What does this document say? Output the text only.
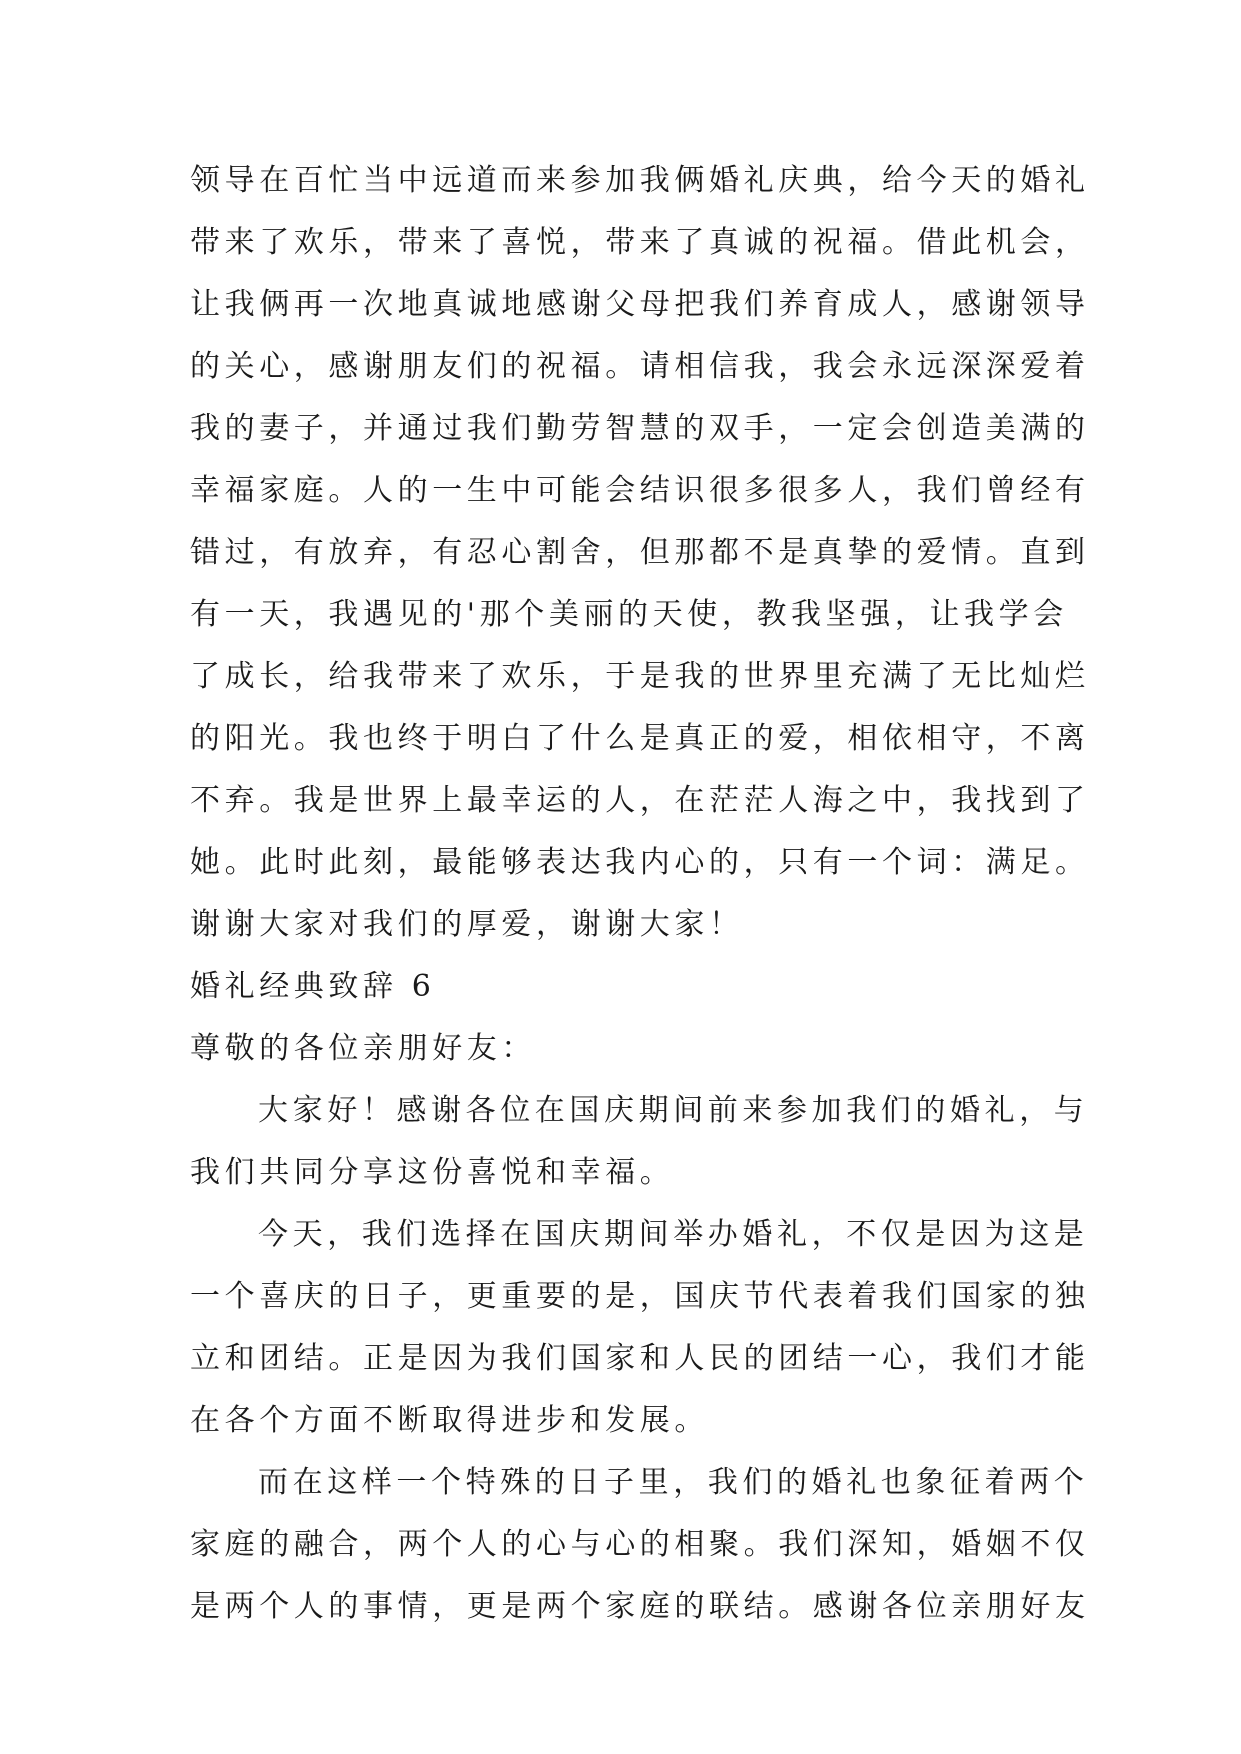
领导在百忙当中远道而来参加我俩婚礼庆典，给今天的婚礼
带来了欢乐，带来了喜悦，带来了真诚的祝福。借此机会，
让我俩再一次地真诚地感谢父母把我们养育成人，感谢领导
的关心，感谢朋友们的祝福。请相信我，我会永远深深爱着
我的妻子，并通过我们勤劳智慧的双手，一定会创造美满的
幸福家庭。人的一生中可能会结识很多很多人，我们曾经有
错过，有放弃，有忍心割舍，但那都不是真挚的爱情。直到
有一天，我遇见的'那个美丽的天使，教我坚强，让我学会
了成长，给我带来了欢乐，于是我的世界里充满了无比灿烂
的阳光。我也终于明白了什么是真正的爱，相依相守，不离
不弃。我是世界上最幸运的人，在茫茫人海之中，我找到了
她。此时此刻，最能够表达我内心的，只有一个词：满足。
谢谢大家对我们的厚爱，谢谢大家！
婚礼经典致辞 6
尊敬的各位亲朋好友：
大家好！感谢各位在国庆期间前来参加我们的婚礼，与
我们共同分享这份喜悦和幸福。
今天，我们选择在国庆期间举办婚礼，不仅是因为这是
一个喜庆的日子，更重要的是，国庆节代表着我们国家的独
立和团结。正是因为我们国家和人民的团结一心，我们才能
在各个方面不断取得进步和发展。
而在这样一个特殊的日子里，我们的婚礼也象征着两个
家庭的融合，两个人的心与心的相聚。我们深知，婚姻不仅
是两个人的事情，更是两个家庭的联结。感谢各位亲朋好友
